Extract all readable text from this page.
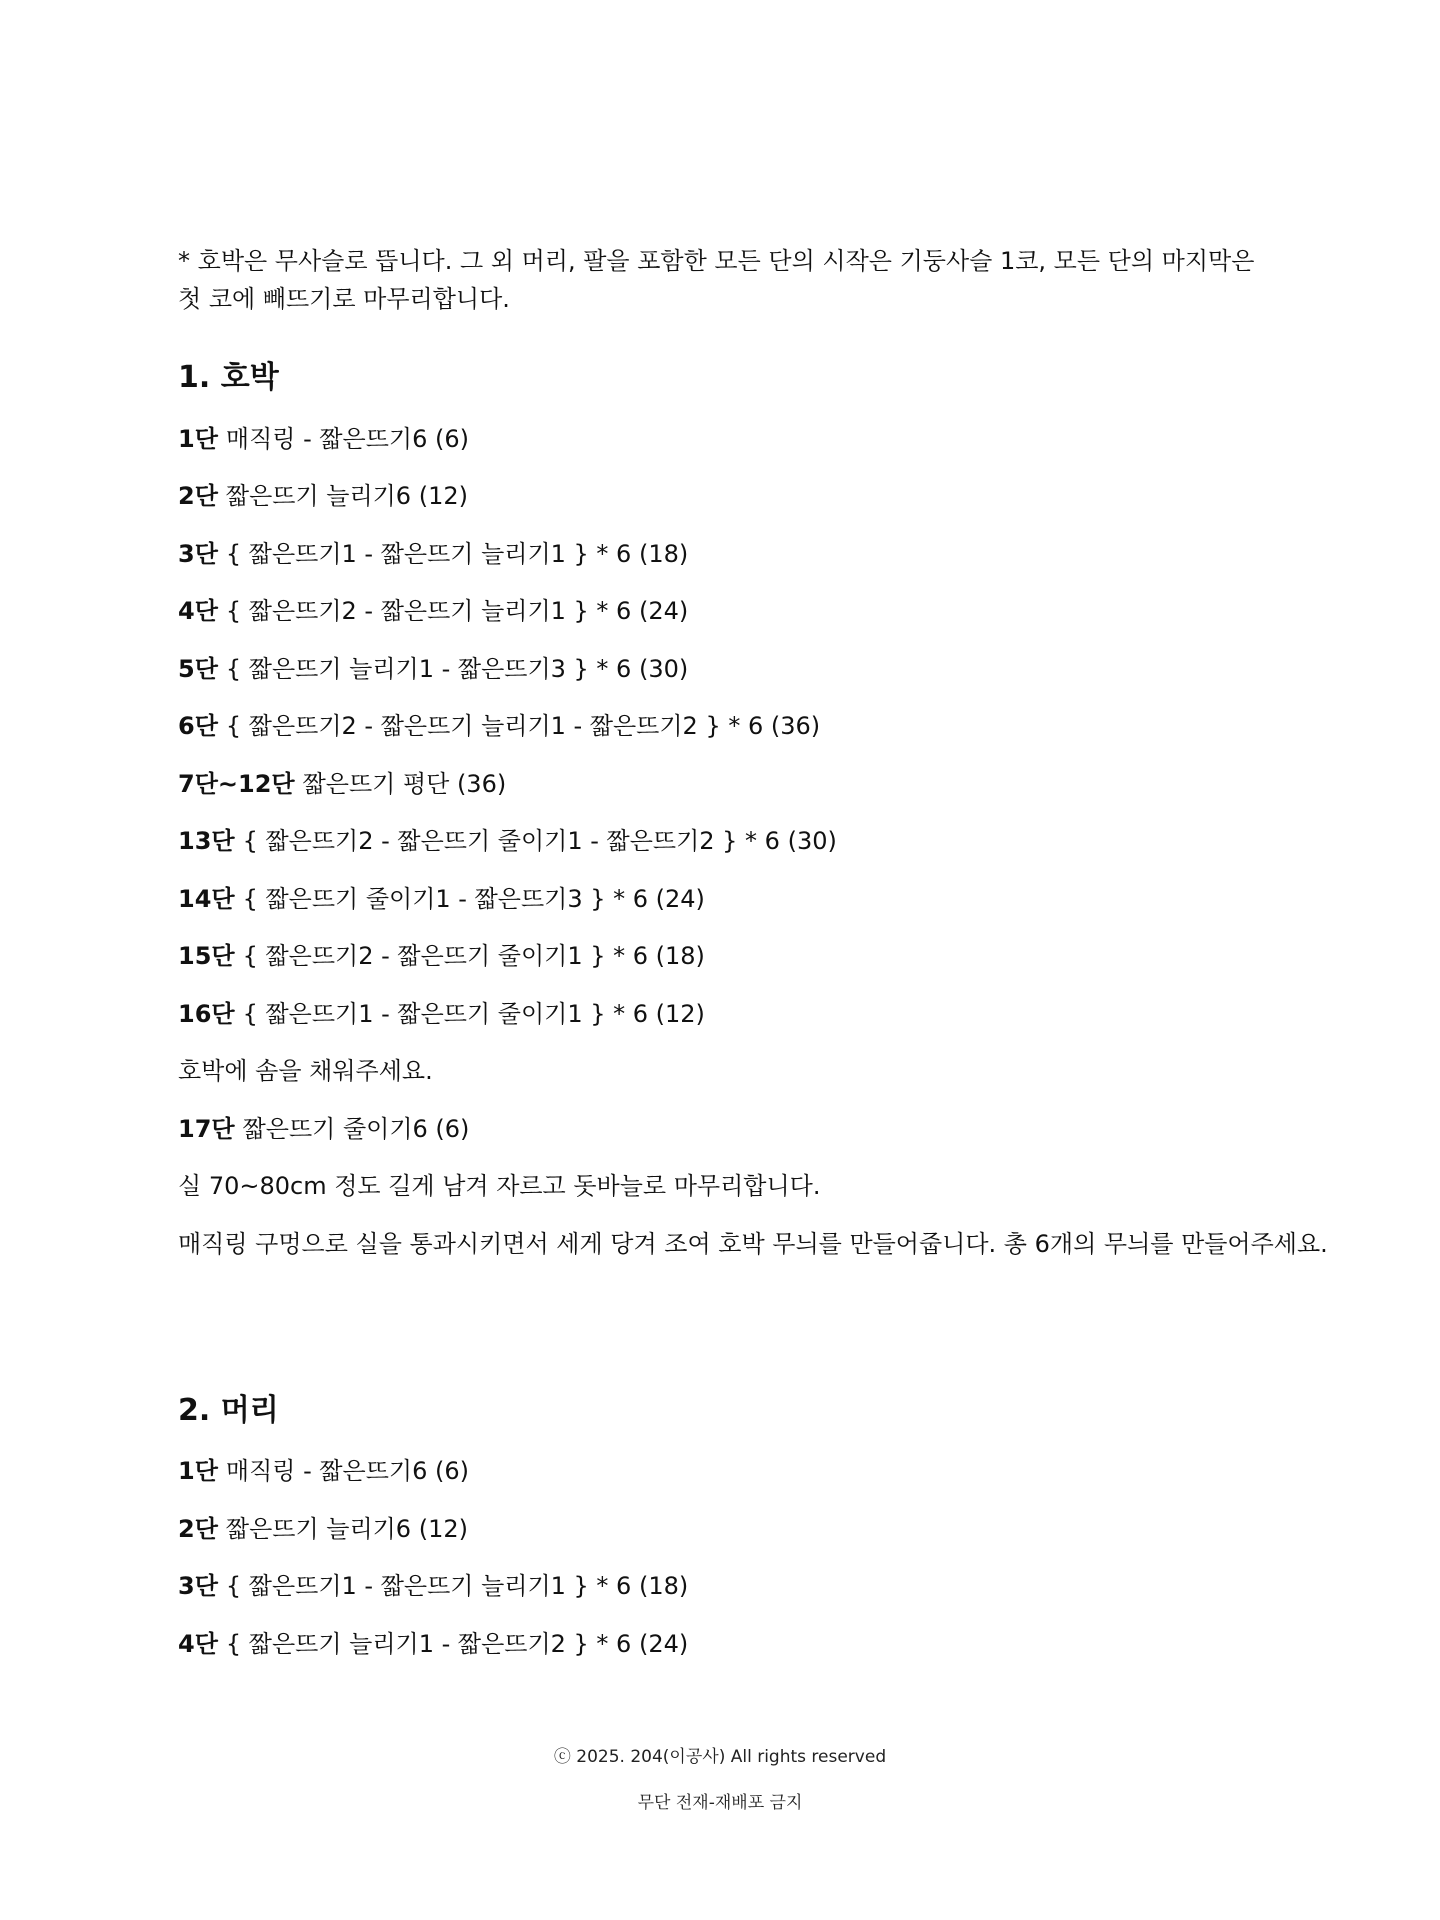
* 호박은 무사슬로 뜹니다. 그 외 머리, 팔을 포함한 모든 단의 시작은 기둥사슬 1코, 모든 단의 마지막은 첫 코에 빼뜨기로 마무리합니다.

1. 호박

1단 매직링 - 짧은뜨기6 (6)

2단 짧은뜨기 늘리기6 (12)

3단 { 짧은뜨기1 - 짧은뜨기 늘리기1 } * 6 (18)

4단 { 짧은뜨기2 - 짧은뜨기 늘리기1 } * 6 (24)

5단 { 짧은뜨기 늘리기1 - 짧은뜨기3 } * 6 (30)

6단 { 짧은뜨기2 - 짧은뜨기 늘리기1 - 짧은뜨기2 } * 6 (36)

7단~12단 짧은뜨기 평단 (36)

13단 { 짧은뜨기2 - 짧은뜨기 줄이기1 - 짧은뜨기2 } * 6 (30)

14단 { 짧은뜨기 줄이기1 - 짧은뜨기3 } * 6 (24)

15단 { 짧은뜨기2 - 짧은뜨기 줄이기1 } * 6 (18)

16단 { 짧은뜨기1 - 짧은뜨기 줄이기1 } * 6 (12)

호박에 솜을 채워주세요.

17단 짧은뜨기 줄이기6 (6)

실 70~80cm 정도 길게 남겨 자르고 돗바늘로 마무리합니다.

매직링 구멍으로 실을 통과시키면서 세게 당겨 조여 호박 무늬를 만들어줍니다. 총 6개의 무늬를 만들어주세요.

2. 머리

1단 매직링 - 짧은뜨기6 (6)

2단 짧은뜨기 늘리기6 (12)

3단 { 짧은뜨기1 - 짧은뜨기 늘리기1 } * 6 (18)

4단 { 짧은뜨기 늘리기1 - 짧은뜨기2 } * 6 (24)

ⓒ 2025. 204(이공사) All rights reserved
무단 전재-재배포 금지
